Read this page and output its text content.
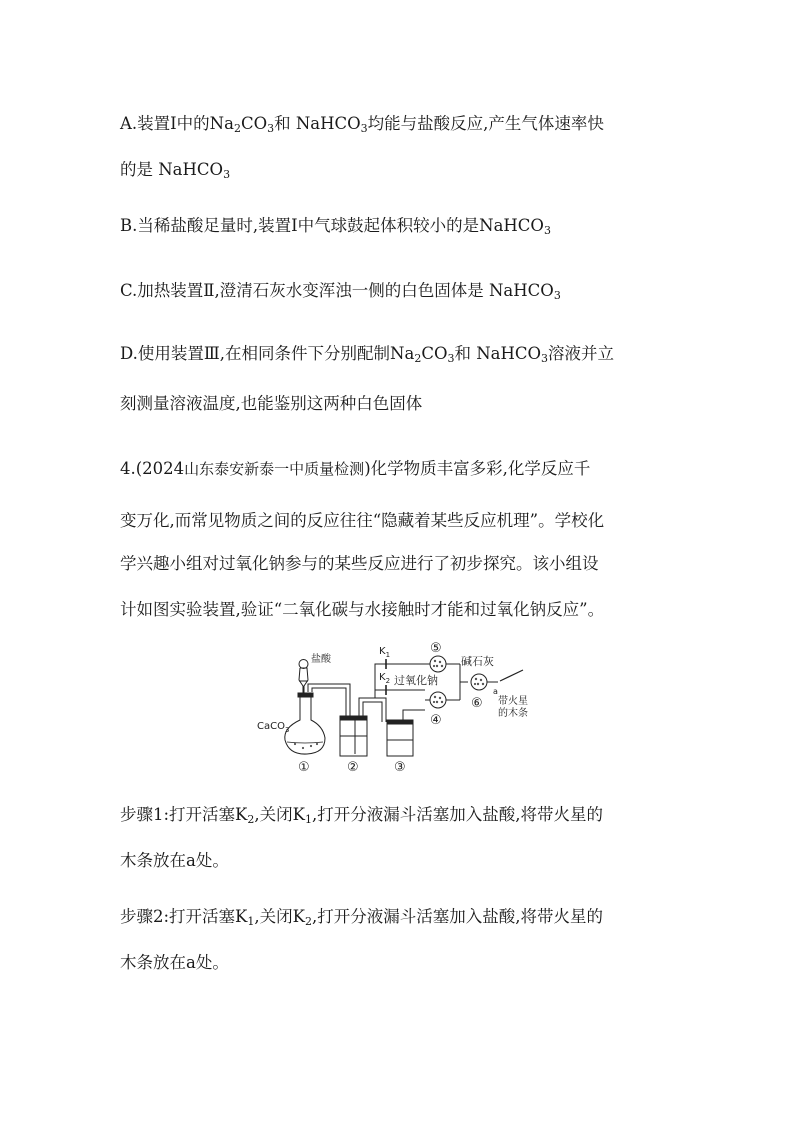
A.装置Ⅰ中的$Na_2CO_3$和 NaHCO$_3$均能与盐酸反应,产生气体速率快
的是 NaHCO$_3$
B.当稀盐酸足量时,装置Ⅰ中气球鼓起体积较小的是NaHCO$_3$
C.加热装置Ⅱ,澄清石灰水变浑浊一侧的白色固体是 NaHCO$_3$
D.使用装置Ⅲ,在相同条件下分别配制$Na_2CO_3$和 NaHCO$_3$溶液并立
刻测量溶液温度,也能鉴别这两种白色固体
4.(2024山东泰安新泰一中质量检测)化学物质丰富多彩,化学反应千
变万化,而常见物质之间的反应往往“隐藏着某些反应机理”。学校化
学兴趣小组对过氧化钠参与的某些反应进行了初步探究。该小组设
计如图实验装置,验证“二氧化碳与水接触时才能和过氧化钠反应”。
盐酸
CaCO$_3$
$K_1$
$K_2$ 过氧化钠
碱石灰
a
带火星
的木条
①	②	③
④
⑤
⑥
步骤1:打开活塞$K_2$,关闭$K_1$,打开分液漏斗活塞加入盐酸,将带火星的
木条放在a处。
步骤2:打开活塞$K_1$,关闭$K_2$,打开分液漏斗活塞加入盐酸,将带火星的
木条放在a处。
